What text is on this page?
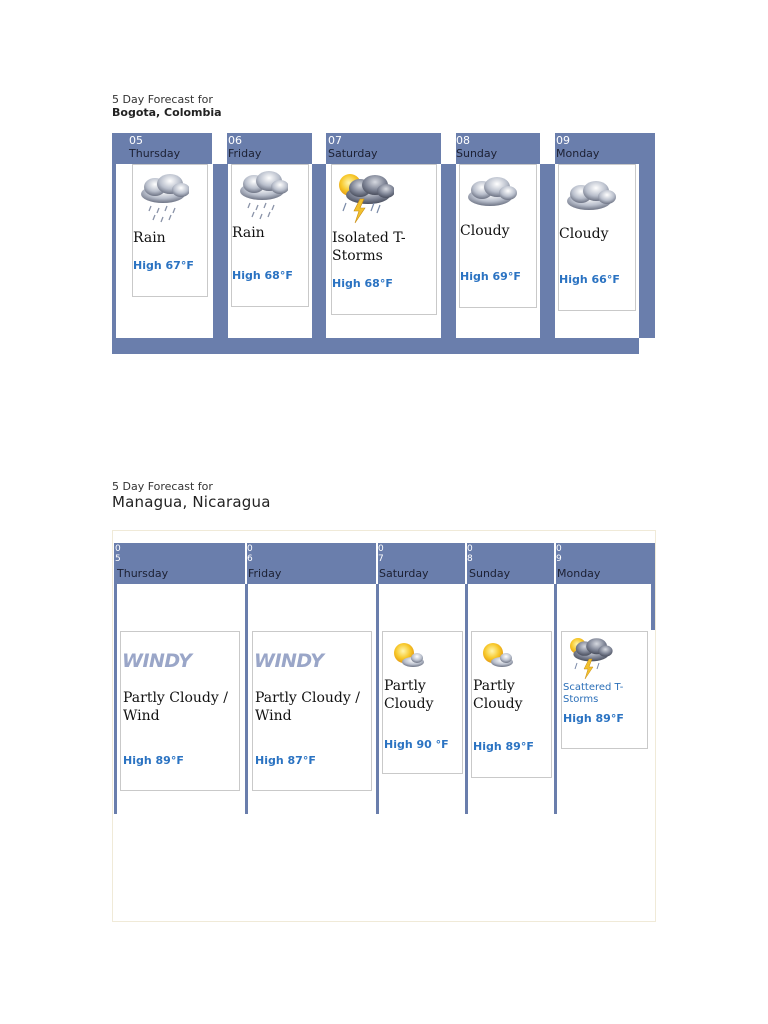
5 Day Forecast for
Bogota, Colombia
05
Thursday
Rain
High 67°F
06
Friday
Rain
High 68°F
07
Saturday
Isolated T-Storms
High 68°F
08
Sunday
Cloudy
High 69°F
09
Monday
Cloudy
High 66°F
5 Day Forecast for
Managua, Nicaragua
0
5
Thursday
0
6
Friday
0
7
Saturday
0
8
Sunday
0
9
Monday
WINDY
Partly Cloudy / Wind
High 89°F
WINDY
Partly Cloudy / Wind
High 87°F
Partly Cloudy
High 90 °F
Partly Cloudy
High 89°F
Scattered T-Storms
High 89°F
